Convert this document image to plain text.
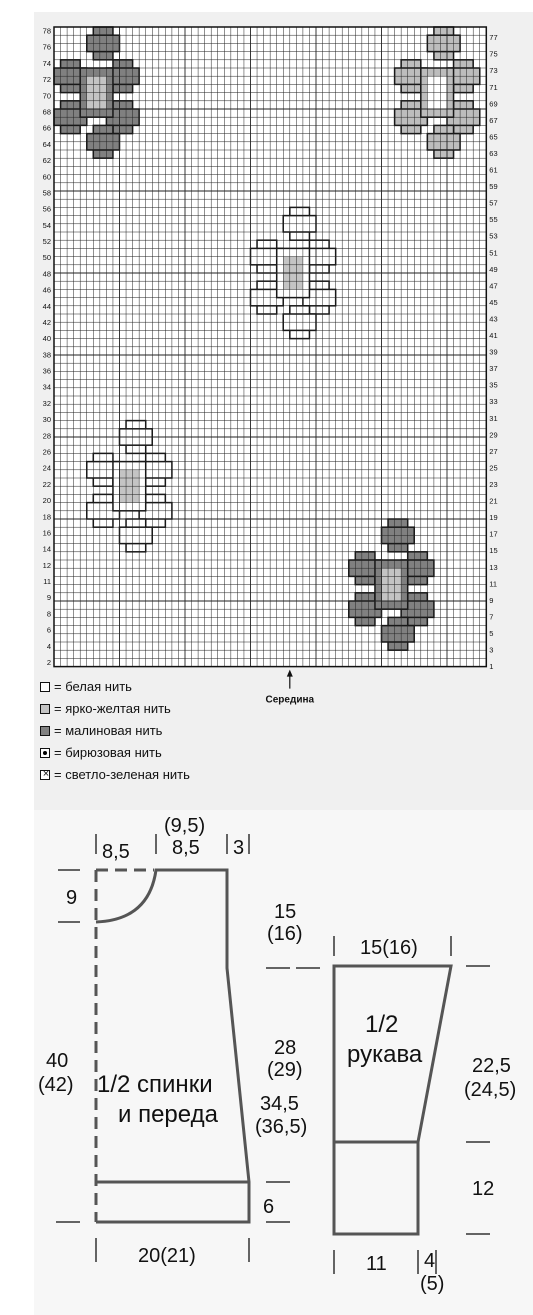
78
76
74
72
70
68
66
64
62
60
58
56
54
52
50
48
46
44
42
40
38
36
34
32
30
28
26
24
22
20
18
16
14
12
11
9
8
6
4
2
77
75
73
71
69
67
65
63
61
59
57
55
53
51
49
47
45
43
41
39
37
35
33
31
29
27
25
23
21
19
17
15
13
11
9
7
5
3
1
Середина
= белая нить
= ярко-желтая нить
= малиновая нить
= бирюзовая нить
×
= светло-зеленая нить
8,5
(9,5)
8,5 3
9
15
(16)
28
(29)
34,5
(36,5)
40
(42)
6
20(21)
15(16)
22,5
(24,5)
12
11 4
(5)
1/2 спинки
и переда
1/2
рукава
